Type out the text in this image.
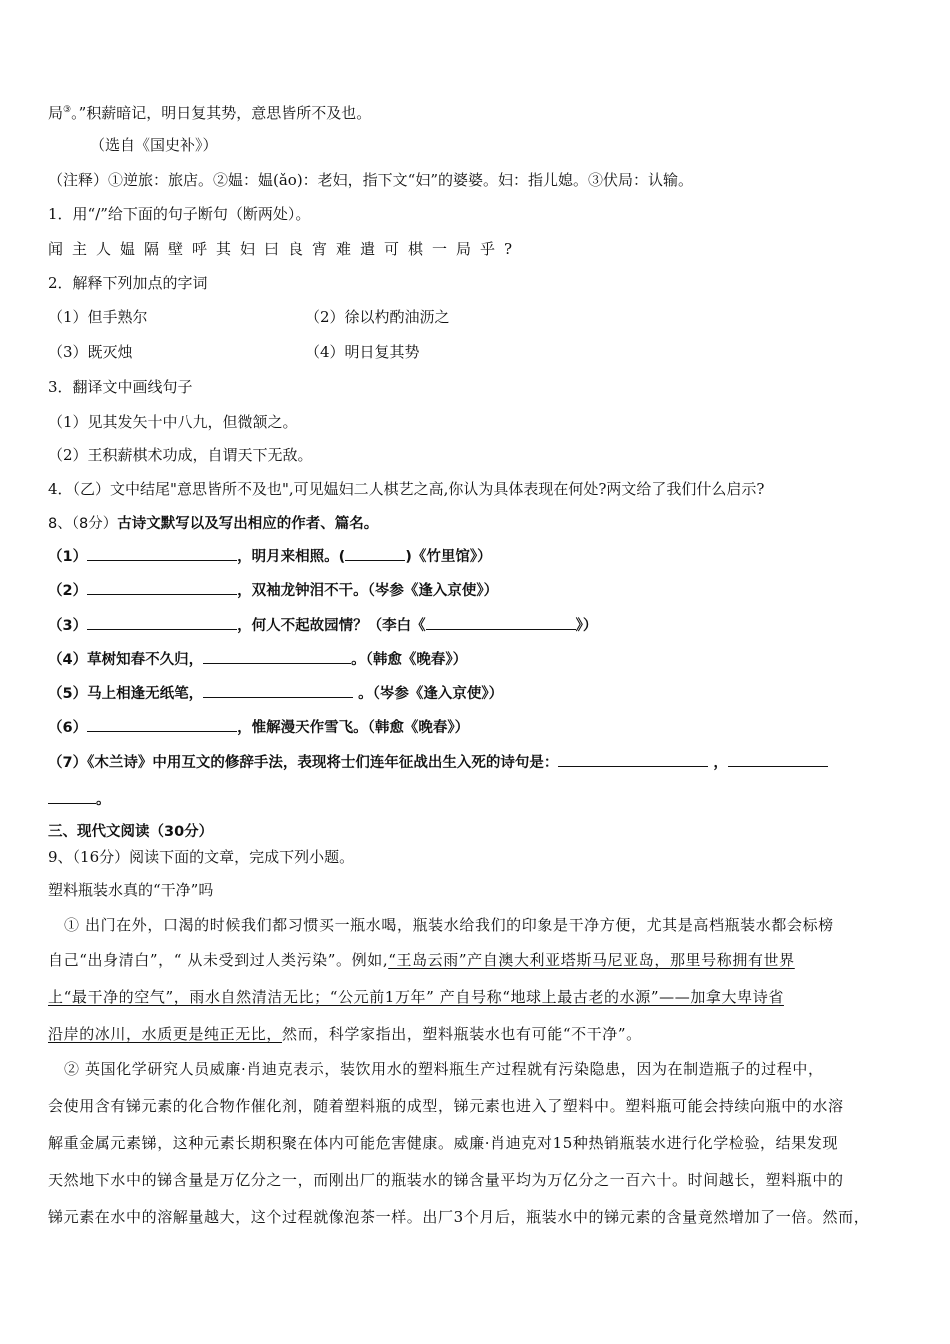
局③。”积薪暗记，明日复其势，意思皆所不及也。
（选自《国史补》）
（注释）①逆旅：旅店。②媪：媪(ǎo)：老妇，指下文“妇”的婆婆。妇：指儿媳。③伏局：认输。
1．用“/”给下面的句子断句（断两处）。
闻主人媪隔壁呼其妇曰良宵难遣可棋一局乎?
2．解释下列加点的字词
（1）但手熟尔	（2）徐以杓酌油沥之
（3）既灭烛	（4）明日复其势
3．翻译文中画线句子
（1）见其发矢十中八九，但微颔之。
（2）王积薪棋术功成，自谓天下无敌。
4．（乙）文中结尾"意思皆所不及也",可见媪妇二人棋艺之高,你认为具体表现在何处?两文给了我们什么启示?
8、（8分）古诗文默写以及写出相应的作者、篇名。
（1）	，明月来相照。(	)《竹里馆》）
（2）	，双袖龙钟泪不干。（岑参《逢入京使》）
（3）	，何人不起故园情？（李白《	》）
（4）草树知春不久归，	。（韩愈《晚春》）
（5）马上相逢无纸笔，	。（岑参《逢入京使》）
（6）	，惟解漫天作雪飞。（韩愈《晚春》）
（7）《木兰诗》中用互文的修辞手法，表现将士们连年征战出生入死的诗句是：	，
。
三、现代文阅读（30分）
9、（16分）阅读下面的文章，完成下列小题。
塑料瓶装水真的“干净”吗
① 出门在外，口渴的时候我们都习惯买一瓶水喝，瓶装水给我们的印象是干净方便，尤其是高档瓶装水都会标榜
自己“出身清白”，“ 从未受到过人类污染”。例如,“王岛云雨”产自澳大利亚塔斯马尼亚岛，那里号称拥有世界
上“最干净的空气”，雨水自然清洁无比；“公元前1万年” 产自号称“地球上最古老的水源”——加拿大卑诗省
沿岸的冰川，水质更是纯正无比，然而，科学家指出，塑料瓶装水也有可能“不干净”。
② 英国化学研究人员威廉·肖迪克表示，装饮用水的塑料瓶生产过程就有污染隐患，因为在制造瓶子的过程中，
会使用含有锑元素的化合物作催化剂，随着塑料瓶的成型，锑元素也进入了塑料中。塑料瓶可能会持续向瓶中的水溶
解重金属元素锑，这种元素长期积聚在体内可能危害健康。威廉·肖迪克对15种热销瓶装水进行化学检验，结果发现
天然地下水中的锑含量是万亿分之一，而刚出厂的瓶装水的锑含量平均为万亿分之一百六十。时间越长，塑料瓶中的
锑元素在水中的溶解量越大，这个过程就像泡茶一样。出厂3个月后，瓶装水中的锑元素的含量竟然增加了一倍。然而，
